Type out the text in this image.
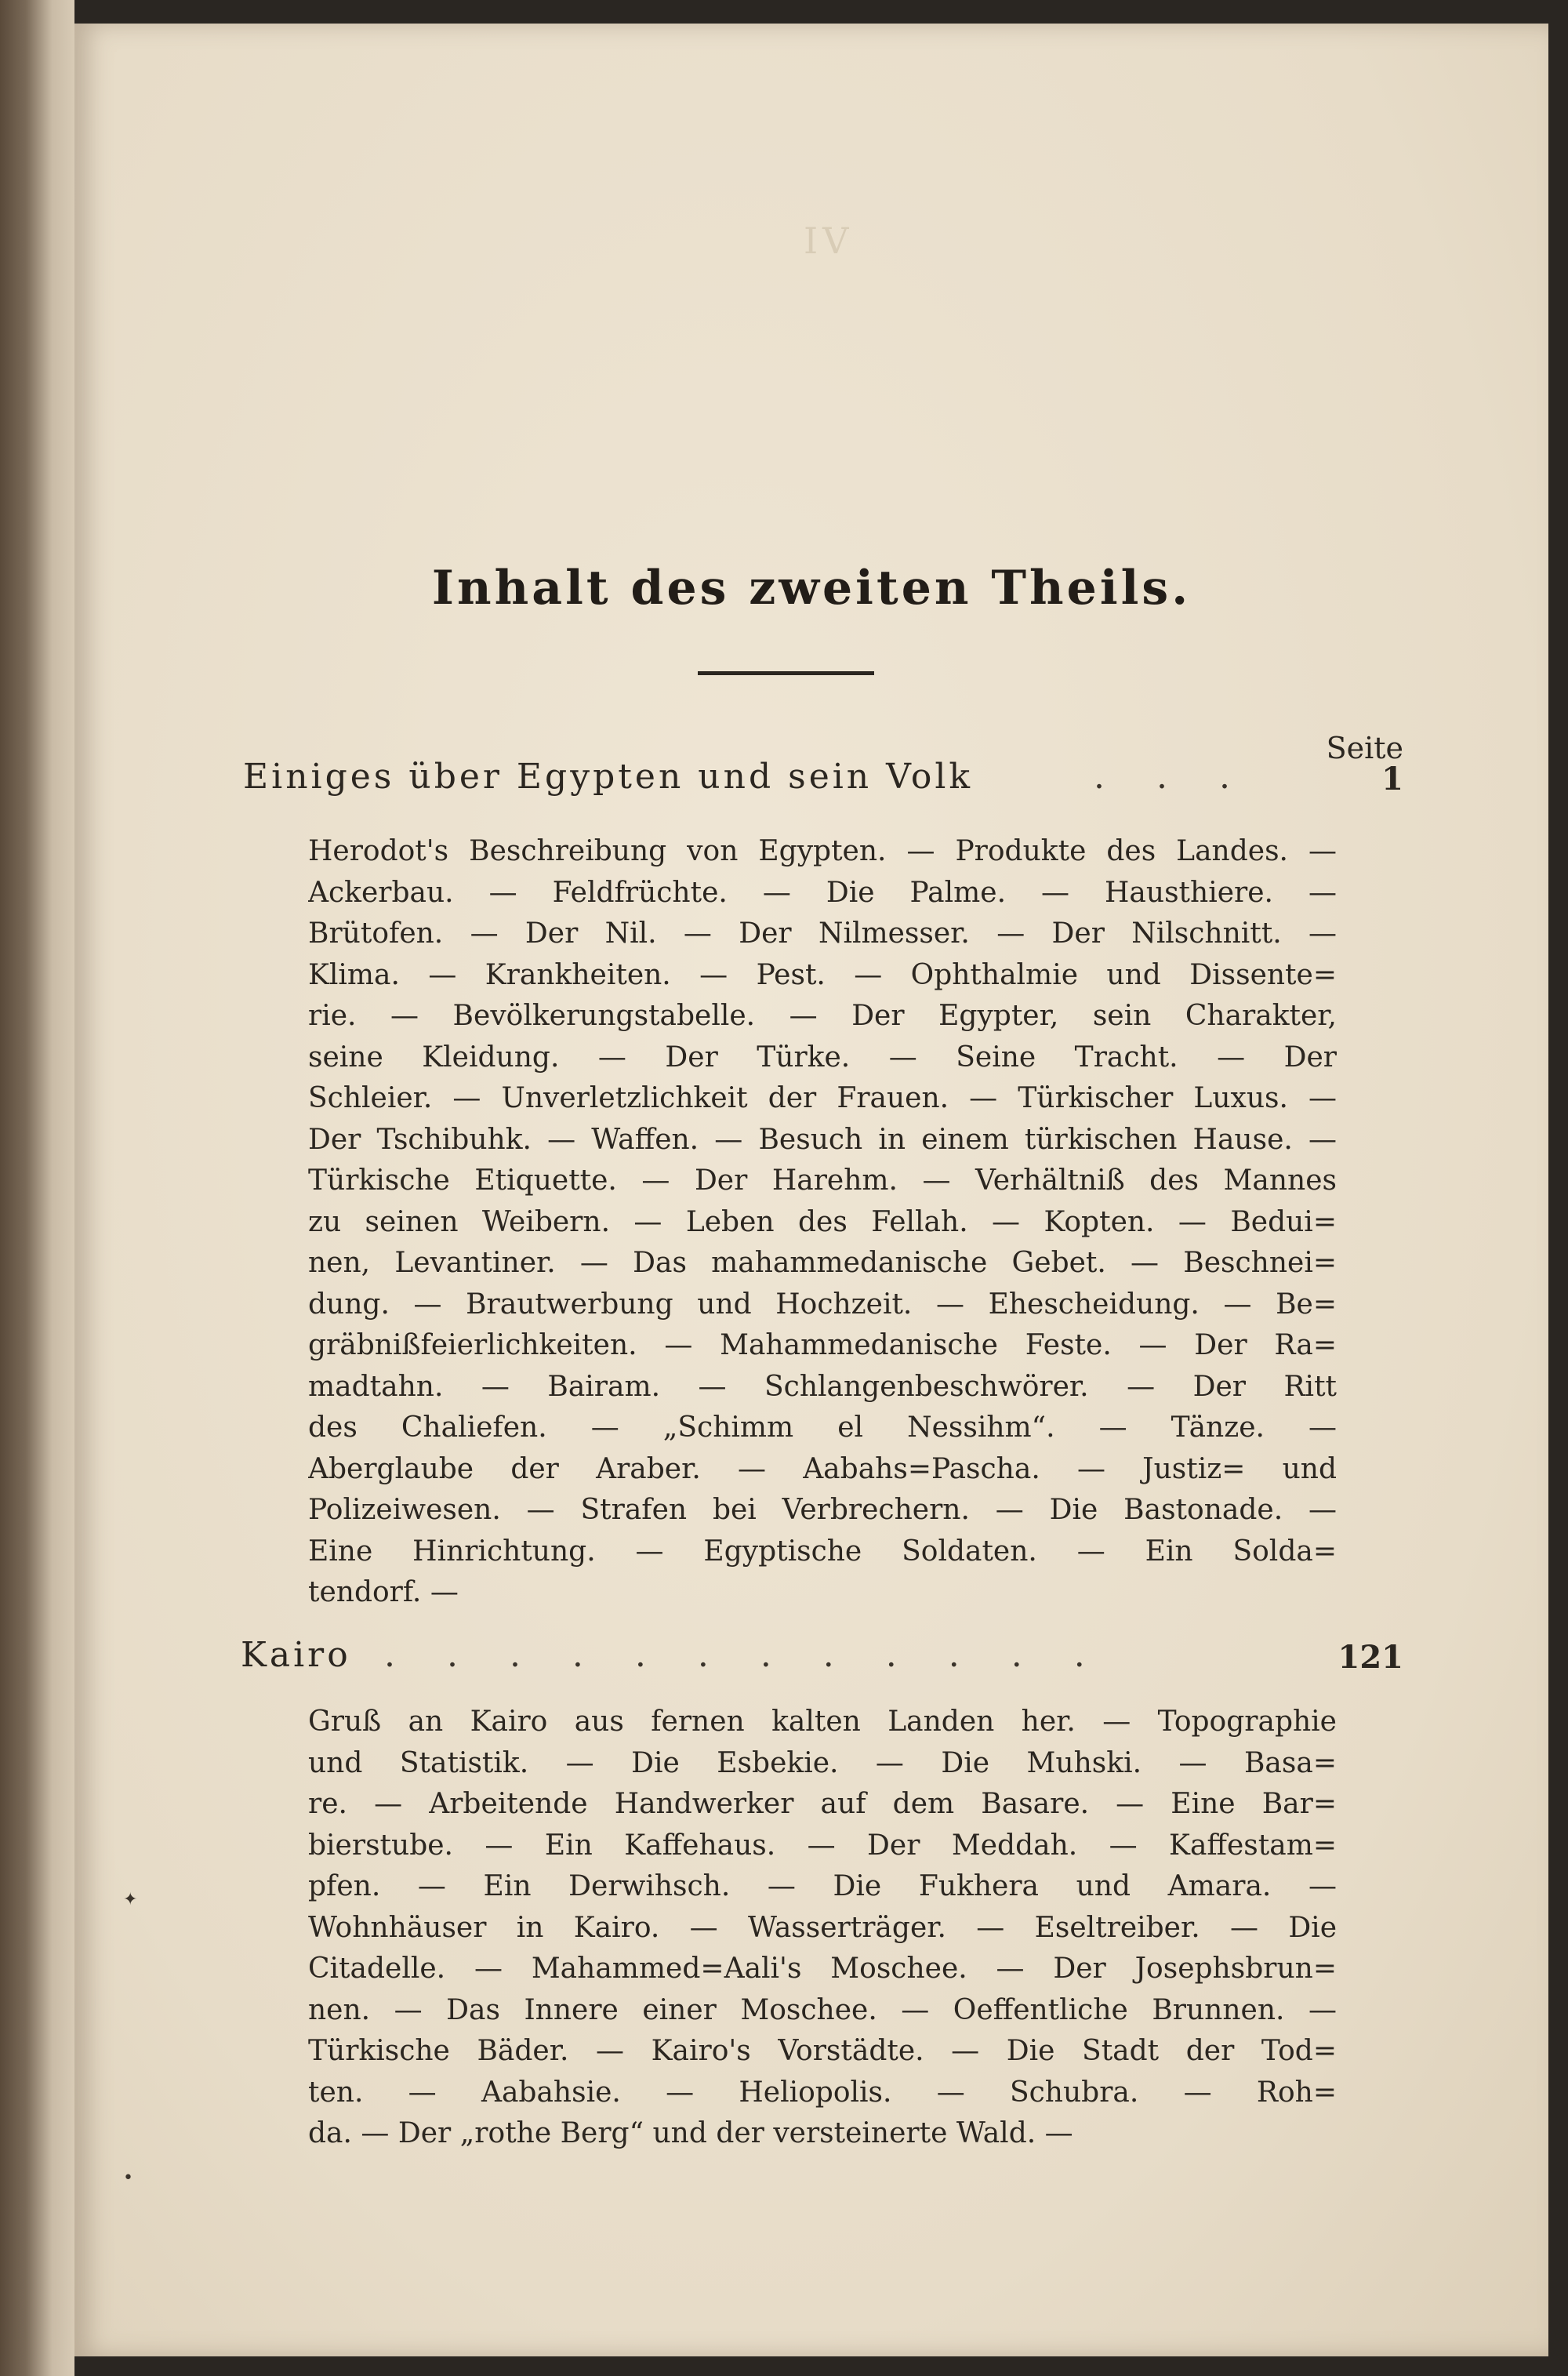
IV
Inhalt des zweiten Theils.
Seite
Einiges über Egypten und sein Volk	. . .	1
Herodot's Beschreibung von Egypten. — Produkte des Landes. —
Ackerbau. — Feldfrüchte. — Die Palme. — Hausthiere. —
Brütofen. — Der Nil. — Der Nilmesser. — Der Nilschnitt. —
Klima. — Krankheiten. — Pest. — Ophthalmie und Dissente=
rie. — Bevölkerungstabelle. — Der Egypter, sein Charakter,
seine Kleidung. — Der Türke. — Seine Tracht. — Der
Schleier. — Unverletzlichkeit der Frauen. — Türkischer Luxus. —
Der Tschibuhk. — Waffen. — Besuch in einem türkischen Hause. —
Türkische Etiquette. — Der Harehm. — Verhältniß des Mannes
zu seinen Weibern. — Leben des Fellah. — Kopten. — Bedui=
nen, Levantiner. — Das mahammedanische Gebet. — Beschnei=
dung. — Brautwerbung und Hochzeit. — Ehescheidung. — Be=
gräbnißfeierlichkeiten. — Mahammedanische Feste. — Der Ra=
madtahn. — Bairam. — Schlangenbeschwörer. — Der Ritt
des Chaliefen. — „Schimm el Nessihm“. — Tänze. —
Aberglaube der Araber. — Aabahs=Pascha. — Justiz= und
Polizeiwesen. — Strafen bei Verbrechern. — Die Bastonade. —
Eine Hinrichtung. — Egyptische Soldaten. — Ein Solda=
tendorf. —
Kairo . . . . . . . . . . . .	121
Gruß an Kairo aus fernen kalten Landen her. — Topographie
und Statistik. — Die Esbekie. — Die Muhski. — Basa=
re. — Arbeitende Handwerker auf dem Basare. — Eine Bar=
bierstube. — Ein Kaffehaus. — Der Meddah. — Kaffestam=
pfen. — Ein Derwihsch. — Die Fukhera und Amara. —
Wohnhäuser in Kairo. — Wasserträger. — Eseltreiber. — Die
Citadelle. — Mahammed=Aali's Moschee. — Der Josephsbrun=
nen. — Das Innere einer Moschee. — Oeffentliche Brunnen. —
Türkische Bäder. — Kairo's Vorstädte. — Die Stadt der Tod=
ten. — Aabahsie. — Heliopolis. — Schubra. — Roh=
da. — Der „rothe Berg“ und der versteinerte Wald. —
✦
•
